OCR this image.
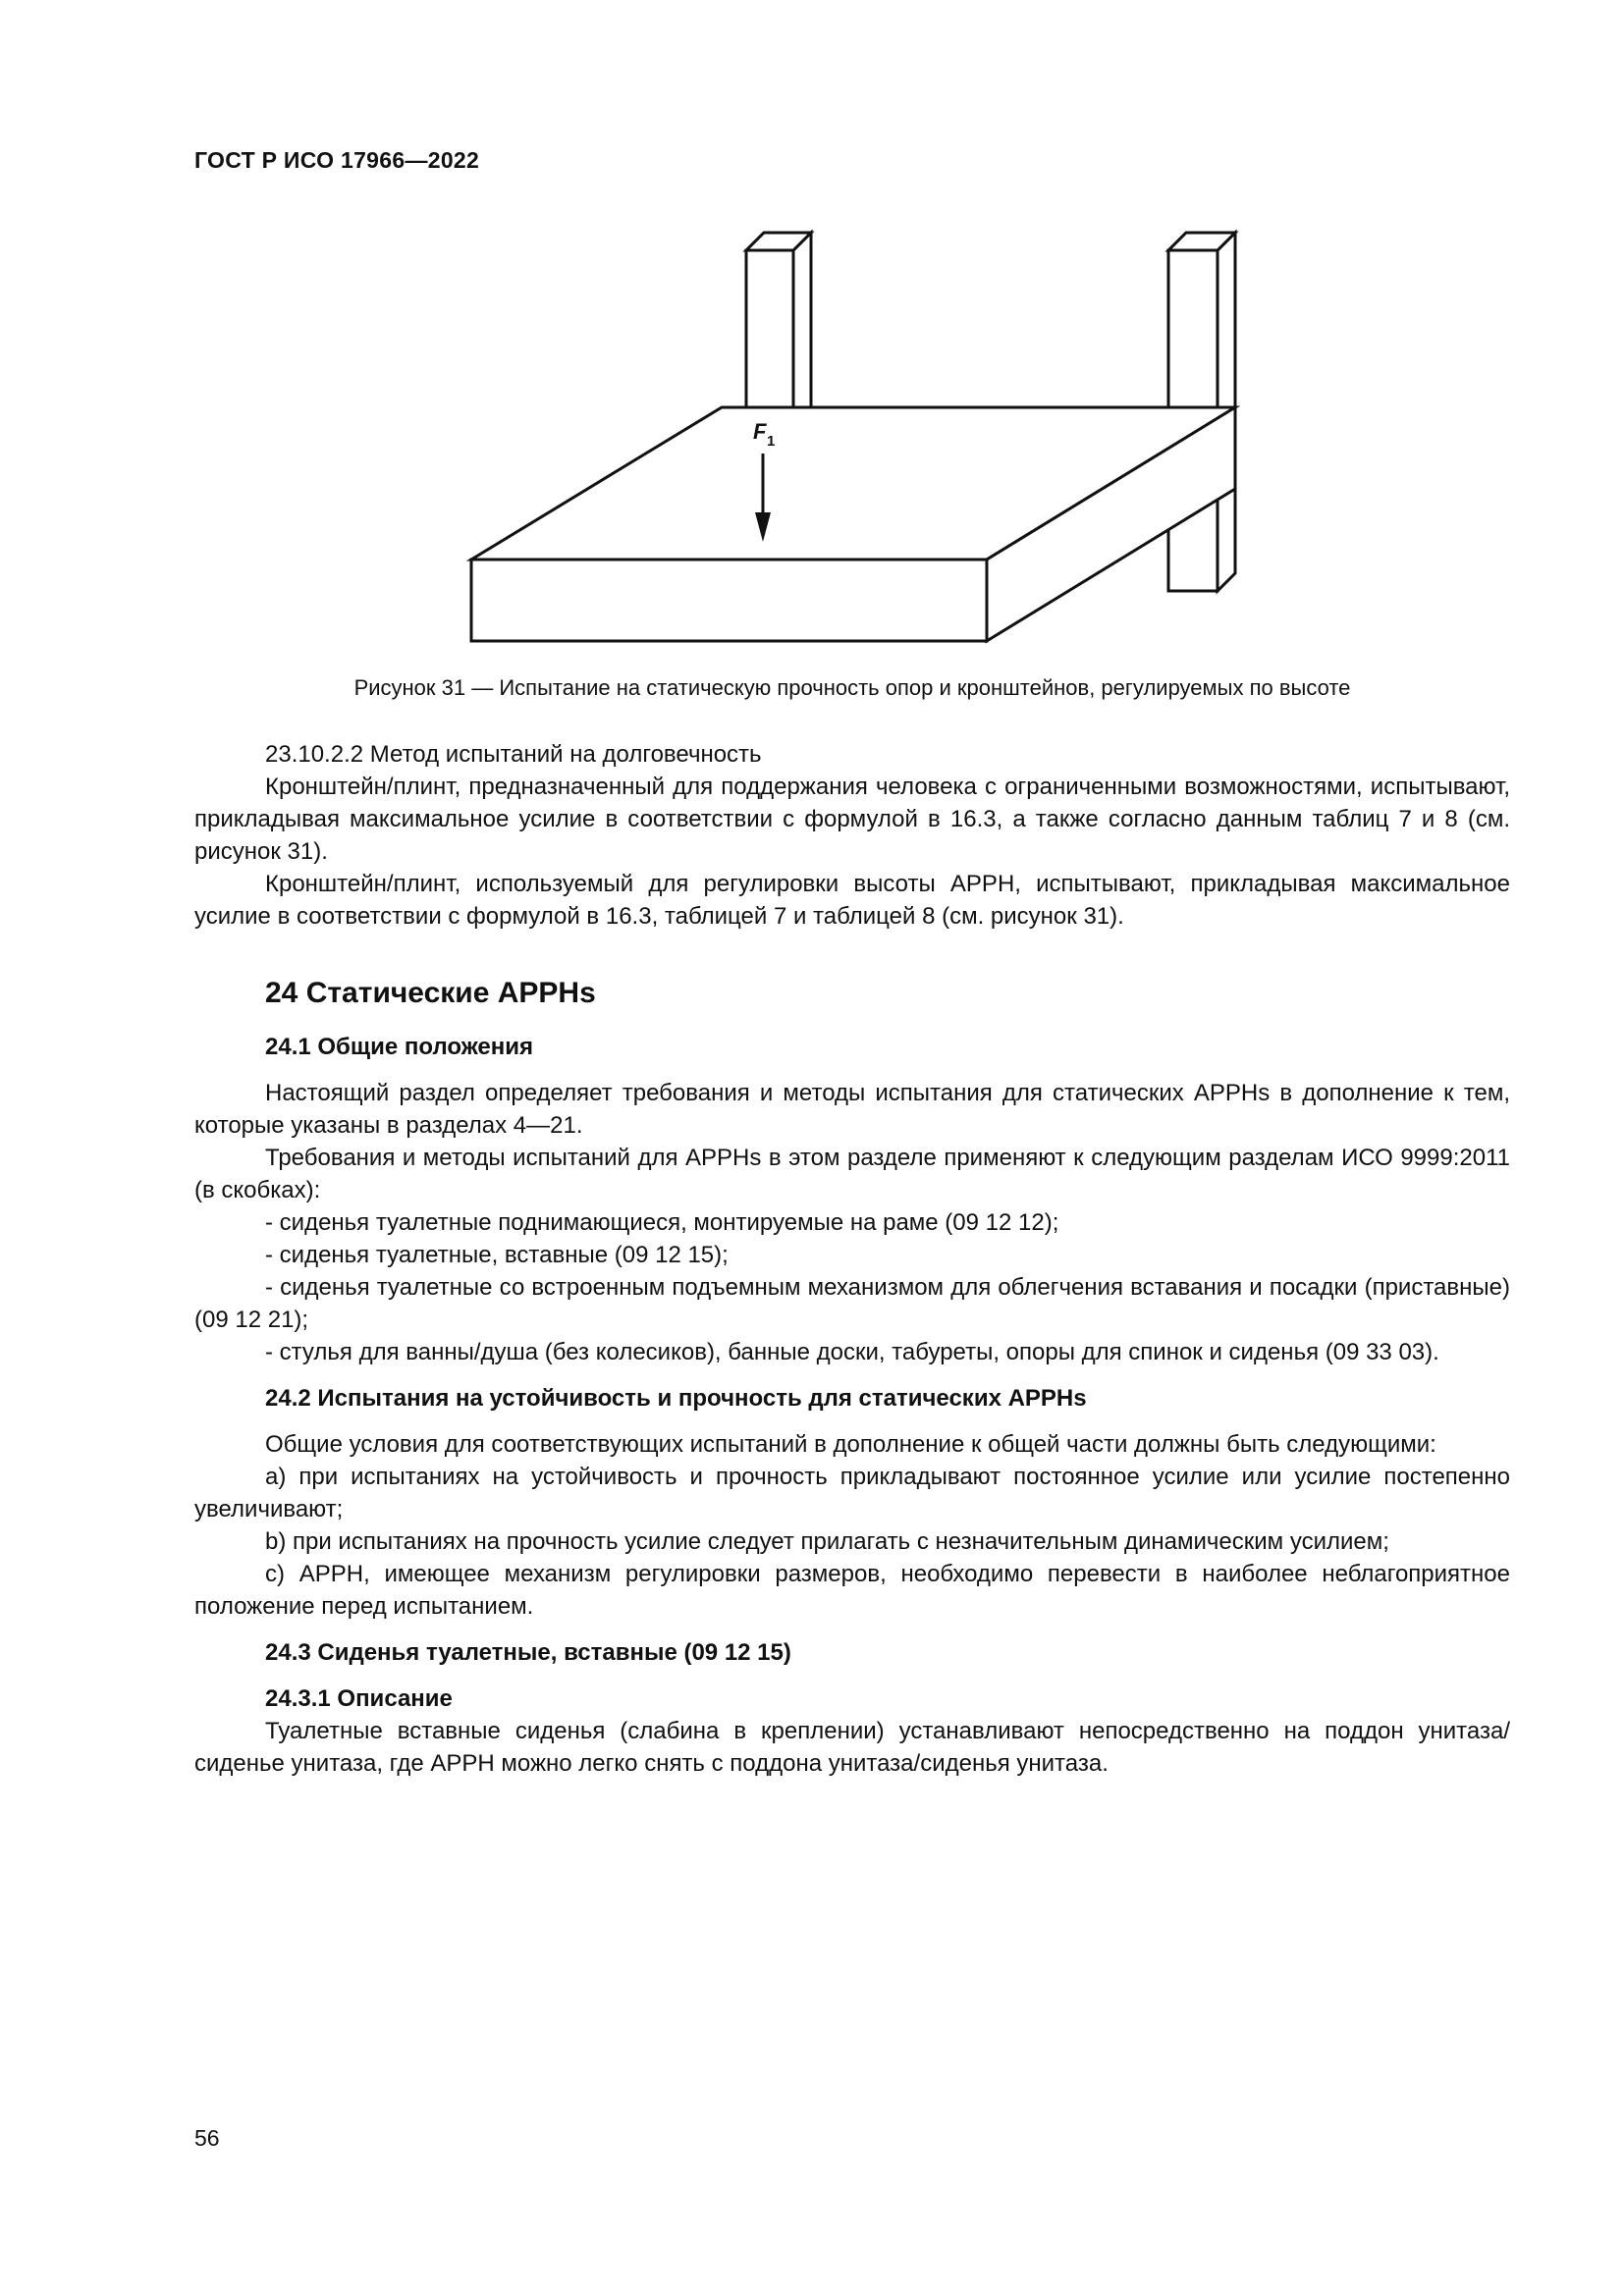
ГОСТ Р ИСО 17966—2022
F 1
Рисунок 31 — Испытание на статическую прочность опор и кронштейнов, регулируемых по высоте

23.10.2.2 Метод испытаний на долговечность

Кронштейн/плинт, предназначенный для поддержания человека с ограниченными возможностями, испытывают, прикладывая максимальное усилие в соответствии с формулой в 16.3, а также согласно данным таблиц 7 и 8 (см. рисунок 31).

Кронштейн/плинт, используемый для регулировки высоты APPH, испытывают, прикладывая максимальное усилие в соответствии с формулой в 16.3, таблицей 7 и таблицей 8 (см. рисунок 31).

24 Статические APPHs
24.1 Общие положения

Настоящий раздел определяет требования и методы испытания для статических APPHs в дополнение к тем, которые указаны в разделах 4—21.

Требования и методы испытаний для APPHs в этом разделе применяют к следующим разделам ИСО 9999:2011 (в скобках):

- сиденья туалетные поднимающиеся, монтируемые на раме (09 12 12);

- сиденья туалетные, вставные (09 12 15);

- сиденья туалетные со встроенным подъемным механизмом для облегчения вставания и посадки (приставные) (09 12 21);

- стулья для ванны/душа (без колесиков), банные доски, табуреты, опоры для спинок и сиденья (09 33 03).

24.2 Испытания на устойчивость и прочность для статических APPHs

Общие условия для соответствующих испытаний в дополнение к общей части должны быть следующими:

а) при испытаниях на устойчивость и прочность прикладывают постоянное усилие или усилие постепенно увеличивают;

b) при испытаниях на прочность усилие следует прилагать с незначительным динамическим усилием;

с) APPH, имеющее механизм регулировки размеров, необходимо перевести в наиболее неблагоприятное положение перед испытанием.

24.3 Сиденья туалетные, вставные (09 12 15)
24.3.1 Описание

Туалетные вставные сиденья (слабина в креплении) устанавливают непосредственно на поддон унитаза/сиденье унитаза, где APPH можно легко снять с поддона унитаза/сиденья унитаза.

56
